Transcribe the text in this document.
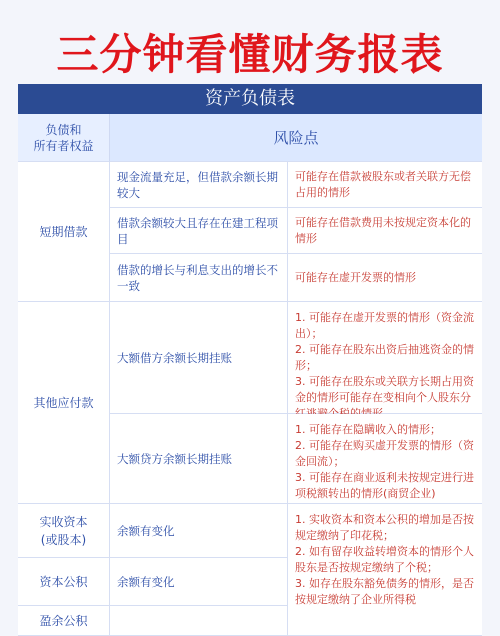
三分钟看懂财务报表
资产负债表
负债和
所有者权益	风险点
短期借款
现金流量充足，但借款余额长期较大
可能存在借款被股东或者关联方无偿占用的情形
借款余额较大且存在在建工程项目
可能存在借款费用未按规定资本化的情形
借款的增长与利息支出的增长不一致
可能存在虚开发票的情形
其他应付款
大额借方余额长期挂账
1. 可能存在虚开发票的情形（资金流出）；
2. 可能存在股东出资后抽逃资金的情形；
3. 可能存在股东或关联方长期占用资金的情形可能存在变相向个人股东分
大额贷方余额长期挂账
1. 可能存在隐瞒收入的情形；
2. 可能存在购买虚开发票的情形（资金回流）；
3. 可能存在商业返利未按规定进行进项税额转出的情形(商贸企业)
实收资本
(或股本)
余额有变化
资本公积	余额有变化
盈余公积
1. 实收资本和资本公积的增加是否按规定缴纳了印花税；
2. 如有留存收益转增资本的情形个人股东是否按规定缴纳了个税；
3. 如存在股东豁免债务的情形，是否按规定缴纳了企业所得税
